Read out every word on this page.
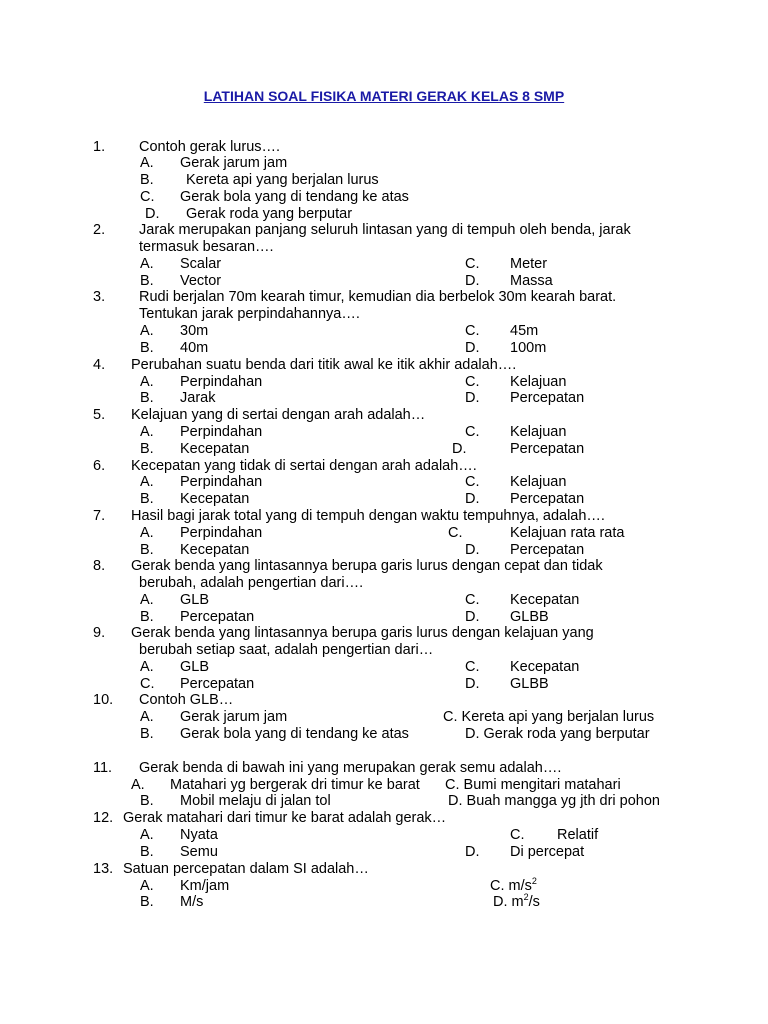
LATIHAN SOAL FISIKA MATERI GERAK KELAS 8 SMP
1. Contoh gerak lurus….
A. Gerak jarum jam
B. Kereta api yang berjalan lurus
C. Gerak bola yang di tendang ke atas
D. Gerak roda yang berputar
2. Jarak merupakan panjang seluruh lintasan yang di tempuh oleh benda, jarak
termasuk besaran….
A. Scalar	C. Meter
B. Vector	D. Massa
3. Rudi berjalan 70m kearah timur, kemudian dia berbelok 30m kearah barat.
Tentukan jarak perpindahannya….
A. 30m	C. 45m
B. 40m	D. 100m
4. Perubahan suatu benda dari titik awal ke itik akhir adalah….
A. Perpindahan	C. Kelajuan
B. Jarak	D. Percepatan
5. Kelajuan yang di sertai dengan arah adalah…
A. Perpindahan	C. Kelajuan
B. Kecepatan	D.	Percepatan
6. Kecepatan yang tidak di sertai dengan arah adalah….
A. Perpindahan	C. Kelajuan
B. Kecepatan	D. Percepatan
7. Hasil bagi jarak total yang di tempuh dengan waktu tempuhnya, adalah….
A. Perpindahan	C.	Kelajuan rata rata
B. Kecepatan	D. Percepatan
8. Gerak benda yang lintasannya berupa garis lurus dengan cepat dan tidak
berubah, adalah pengertian dari….
A. GLB	C. Kecepatan
B. Percepatan	D. GLBB
9. Gerak benda yang lintasannya berupa garis lurus dengan kelajuan yang
berubah setiap saat, adalah pengertian dari…
A. GLB	C. Kecepatan
C. Percepatan	D. GLBB
10. Contoh GLB…
A. Gerak jarum jam	C. Kereta api yang berjalan lurus
B. Gerak bola yang di tendang ke atas	D. Gerak roda yang berputar
11. Gerak benda di bawah ini yang merupakan gerak semu adalah….
A. Matahari yg bergerak dri timur ke barat C. Bumi mengitari matahari
B. Mobil melaju di jalan tol	D. Buah mangga yg jth dri pohon
12. Gerak matahari dari timur ke barat adalah gerak…
A. Nyata	C. Relatif
B. Semu	D. Di percepat
13. Satuan percepatan dalam SI adalah…
A. Km/jam	C. $m/s^2$
B. M/s	D. $m^2/s$
